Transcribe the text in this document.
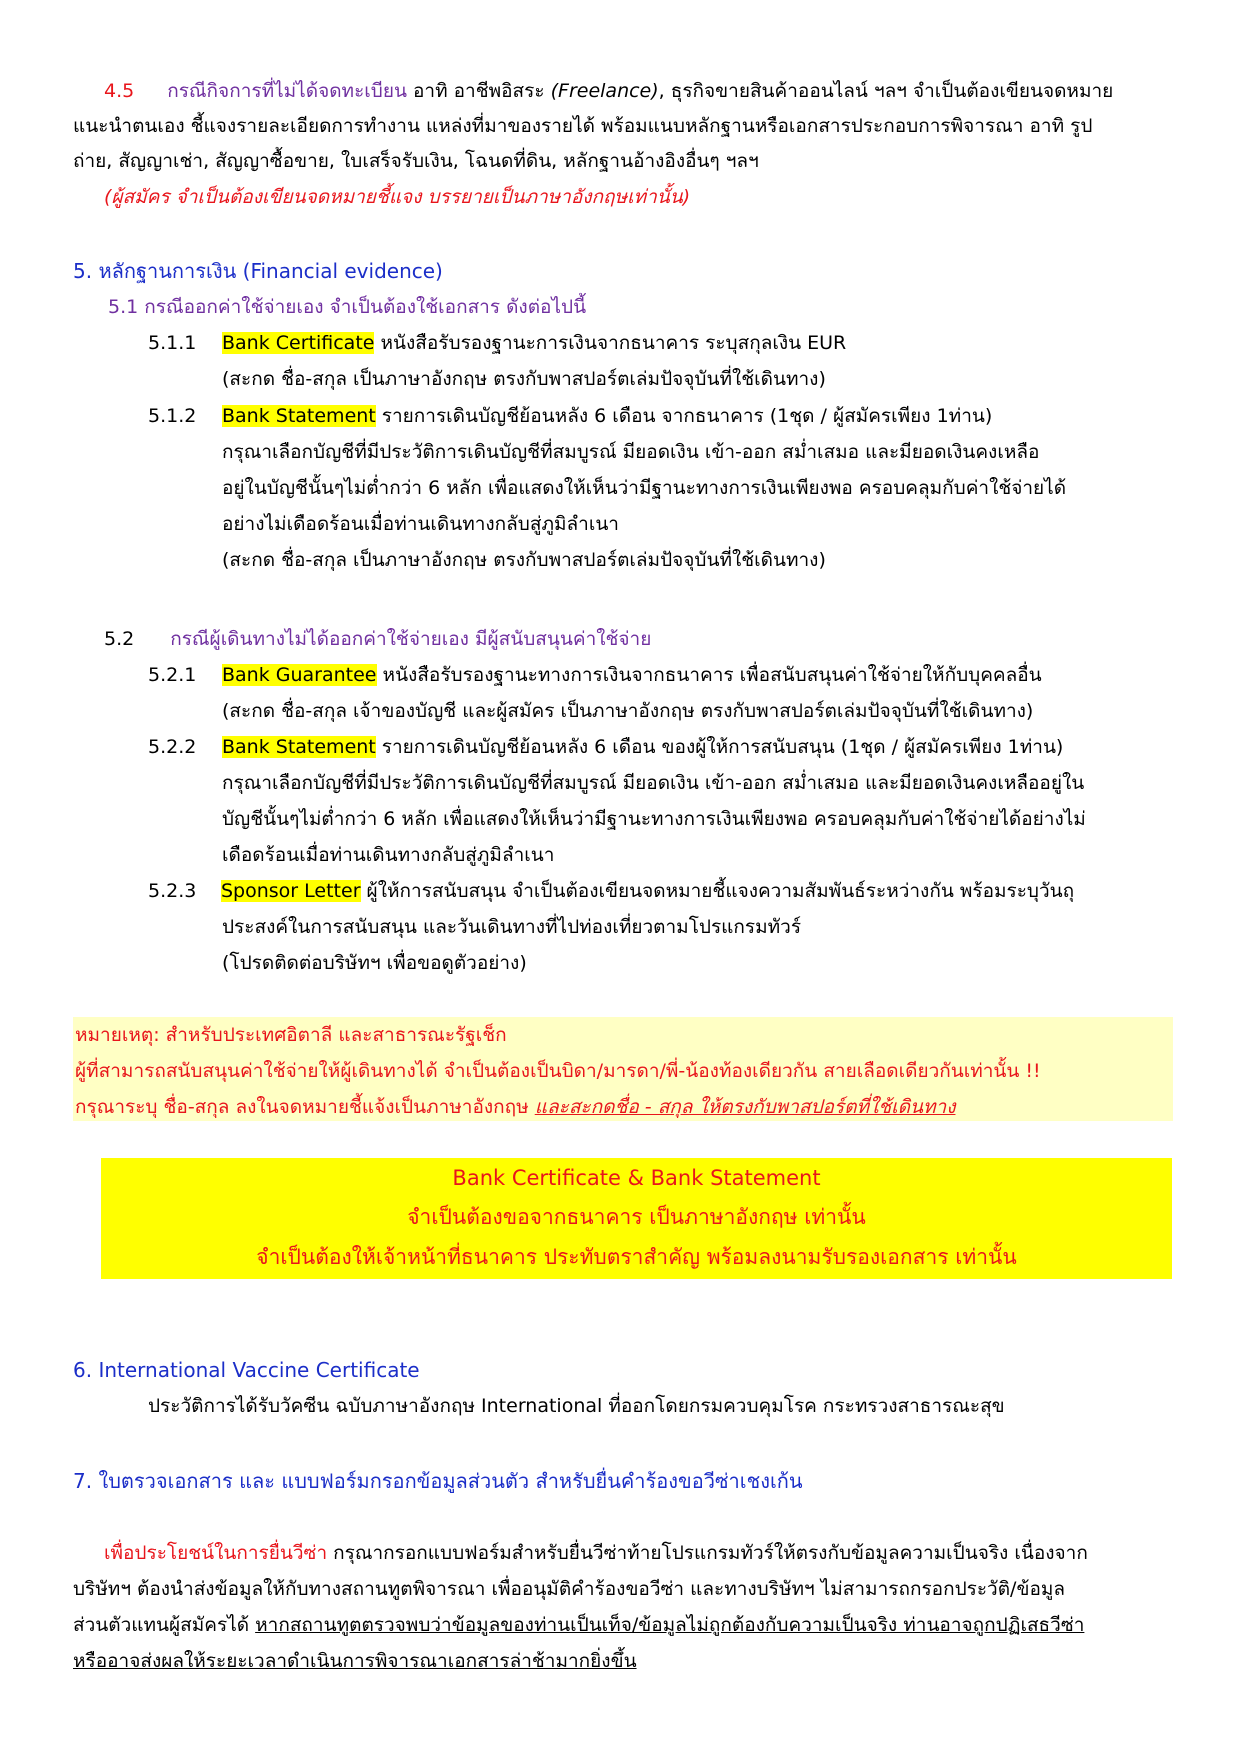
4.5 กรณีกิจการที่ไม่ได้จดทะเบียน อาทิ อาชีพอิสระ (Freelance), ธุรกิจขายสินค้าออนไลน์ ฯลฯ จำเป็นต้องเขียนจดหมาย
แนะนำตนเอง ชี้แจงรายละเอียดการทำงาน แหล่งที่มาของรายได้ พร้อมแนบหลักฐานหรือเอกสารประกอบการพิจารณา อาทิ รูป
ถ่าย, สัญญาเช่า, สัญญาซื้อขาย, ใบเสร็จรับเงิน, โฉนดที่ดิน, หลักฐานอ้างอิงอื่นๆ ฯลฯ
(ผู้สมัคร จำเป็นต้องเขียนจดหมายชี้แจง บรรยายเป็นภาษาอังกฤษเท่านั้น)
5. หลักฐานการเงิน (Financial evidence)
5.1 กรณีออกค่าใช้จ่ายเอง จำเป็นต้องใช้เอกสาร ดังต่อไปนี้
5.1.1 Bank Certificate หนังสือรับรองฐานะการเงินจากธนาคาร ระบุสกุลเงิน EUR
(สะกด ชื่อ-สกุล เป็นภาษาอังกฤษ ตรงกับพาสปอร์ตเล่มปัจจุบันที่ใช้เดินทาง)
5.1.2 Bank Statement รายการเดินบัญชีย้อนหลัง 6 เดือน จากธนาคาร (1ชุด / ผู้สมัครเพียง 1ท่าน)
กรุณาเลือกบัญชีที่มีประวัติการเดินบัญชีที่สมบูรณ์ มียอดเงิน เข้า-ออก สม่ำเสมอ และมียอดเงินคงเหลือ
อยู่ในบัญชีนั้นๆไม่ต่ำกว่า 6 หลัก เพื่อแสดงให้เห็นว่ามีฐานะทางการเงินเพียงพอ ครอบคลุมกับค่าใช้จ่ายได้
อย่างไม่เดือดร้อนเมื่อท่านเดินทางกลับสู่ภูมิลำเนา
(สะกด ชื่อ-สกุล เป็นภาษาอังกฤษ ตรงกับพาสปอร์ตเล่มปัจจุบันที่ใช้เดินทาง)
5.2 กรณีผู้เดินทางไม่ได้ออกค่าใช้จ่ายเอง มีผู้สนับสนุนค่าใช้จ่าย
5.2.1 Bank Guarantee หนังสือรับรองฐานะทางการเงินจากธนาคาร เพื่อสนับสนุนค่าใช้จ่ายให้กับบุคคลอื่น
(สะกด ชื่อ-สกุล เจ้าของบัญชี และผู้สมัคร เป็นภาษาอังกฤษ ตรงกับพาสปอร์ตเล่มปัจจุบันที่ใช้เดินทาง)
5.2.2 Bank Statement รายการเดินบัญชีย้อนหลัง 6 เดือน ของผู้ให้การสนับสนุน (1ชุด / ผู้สมัครเพียง 1ท่าน)
กรุณาเลือกบัญชีที่มีประวัติการเดินบัญชีที่สมบูรณ์ มียอดเงิน เข้า-ออก สม่ำเสมอ และมียอดเงินคงเหลืออยู่ใน
บัญชีนั้นๆไม่ต่ำกว่า 6 หลัก เพื่อแสดงให้เห็นว่ามีฐานะทางการเงินเพียงพอ ครอบคลุมกับค่าใช้จ่ายได้อย่างไม่
เดือดร้อนเมื่อท่านเดินทางกลับสู่ภูมิลำเนา
5.2.3 Sponsor Letter ผู้ให้การสนับสนุน จำเป็นต้องเขียนจดหมายชี้แจงความสัมพันธ์ระหว่างกัน พร้อมระบุวันถุ
ประสงค์ในการสนับสนุน และวันเดินทางที่ไปท่องเที่ยวตามโปรแกรมทัวร์
(โปรดติดต่อบริษัทฯ เพื่อขอดูตัวอย่าง)
หมายเหตุ: สำหรับประเทศอิตาลี และสาธารณะรัฐเช็ก
ผู้ที่สามารถสนับสนุนค่าใช้จ่ายให้ผู้เดินทางได้ จำเป็นต้องเป็นบิดา/มารดา/พี่-น้องท้องเดียวกัน สายเลือดเดียวกันเท่านั้น !!
กรุณาระบุ ชื่อ-สกุล ลงในจดหมายชี้แจ้งเป็นภาษาอังกฤษ และสะกดชื่อ - สกุล ให้ตรงกับพาสปอร์ตที่ใช้เดินทาง
Bank Certificate & Bank Statement
จำเป็นต้องขอจากธนาคาร เป็นภาษาอังกฤษ เท่านั้น
จำเป็นต้องให้เจ้าหน้าที่ธนาคาร ประทับตราสำคัญ พร้อมลงนามรับรองเอกสาร เท่านั้น
6. International Vaccine Certificate
ประวัติการได้รับวัคซีน ฉบับภาษาอังกฤษ International ที่ออกโดยกรมควบคุมโรค กระทรวงสาธารณะสุข
7. ใบตรวจเอกสาร และ แบบฟอร์มกรอกข้อมูลส่วนตัว สำหรับยื่นคำร้องขอวีซ่าเชงเก้น
เพื่อประโยชน์ในการยื่นวีซ่า กรุณากรอกแบบฟอร์มสำหรับยื่นวีซ่าท้ายโปรแกรมทัวร์ให้ตรงกับข้อมูลความเป็นจริง เนื่องจาก
บริษัทฯ ต้องนำส่งข้อมูลให้กับทางสถานทูตพิจารณา เพื่ออนุมัติคำร้องขอวีซ่า และทางบริษัทฯ ไม่สามารถกรอกประวัติ/ข้อมูล
ส่วนตัวแทนผู้สมัครได้ หากสถานทูตตรวจพบว่าข้อมูลของท่านเป็นเท็จ/ข้อมูลไม่ถูกต้องกับความเป็นจริง ท่านอาจถูกปฏิเสธวีซ่า
หรืออาจส่งผลให้ระยะเวลาดำเนินการพิจารณาเอกสารล่าช้ามากยิ่งขึ้น
